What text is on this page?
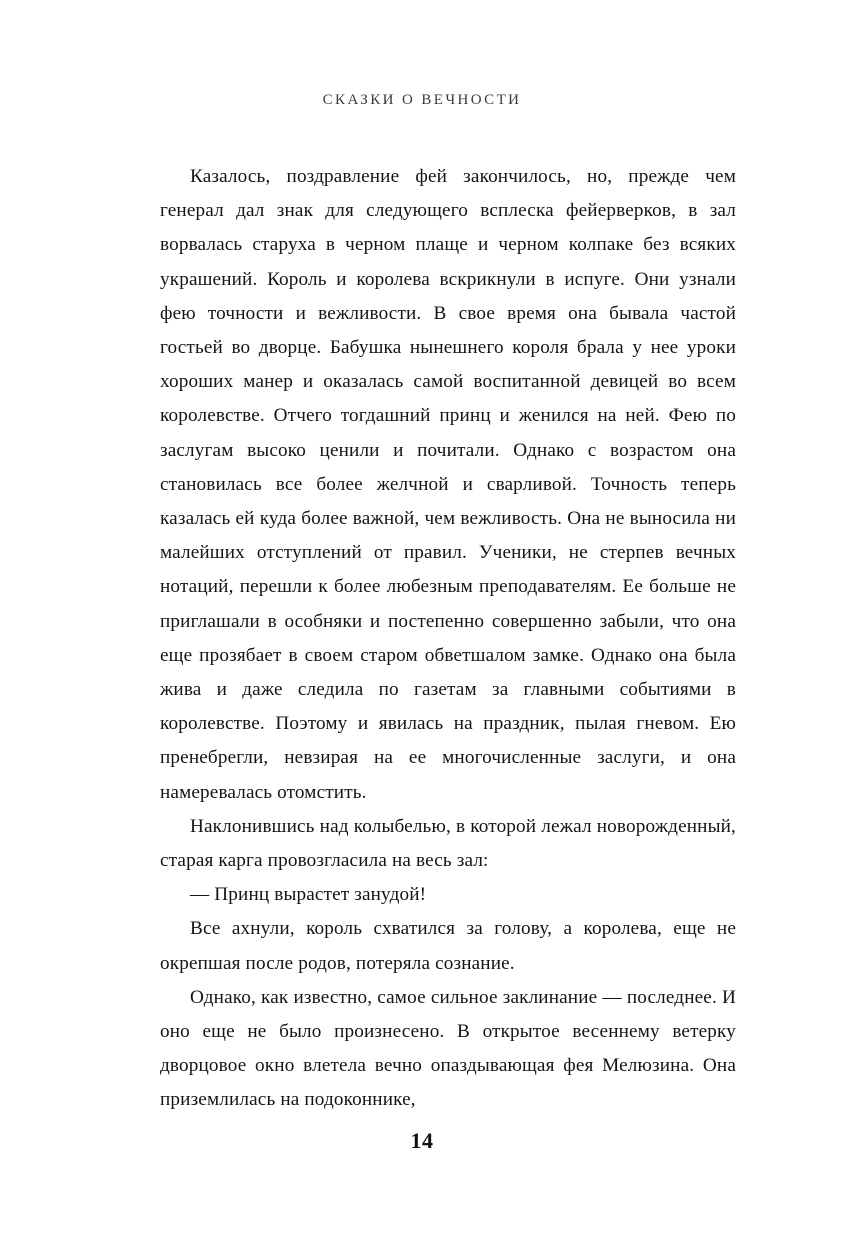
СКАЗКИ О ВЕЧНОСТИ

Казалось, поздравление фей закончилось, но, прежде чем генерал дал знак для следующего всплеска фейерверков, в зал ворвалась старуха в черном плаще и черном колпаке без всяких украшений. Король и королева вскрикнули в испуге. Они узнали фею точности и вежливости. В свое время она бывала частой гостьей во дворце. Бабушка нынешнего короля брала у нее уроки хороших манер и оказалась самой воспитанной девицей во всем королевстве. Отчего тогдашний принц и женился на ней. Фею по заслугам высоко ценили и почитали. Однако с возрастом она становилась все более желчной и сварливой. Точность теперь казалась ей куда более важной, чем вежливость. Она не выносила ни малейших отступлений от правил. Ученики, не стерпев вечных нотаций, перешли к более любезным преподавателям. Ее больше не приглашали в особняки и постепенно совершенно забыли, что она еще прозябает в своем старом обветшалом замке. Однако она была жива и даже следила по газетам за главными событиями в королевстве. Поэтому и явилась на праздник, пылая гневом. Ею пренебрегли, невзирая на ее многочисленные заслуги, и она намеревалась отомстить.

Наклонившись над колыбелью, в которой лежал новорожденный, старая карга провозгласила на весь зал:

— Принц вырастет занудой!

Все ахнули, король схватился за голову, а королева, еще не окрепшая после родов, потеряла сознание.

Однако, как известно, самое сильное заклинание — последнее. И оно еще не было произнесено. В открытое весеннему ветерку дворцовое окно влетела вечно опаздывающая фея Мелюзина. Она приземлилась на подоконнике,

14
